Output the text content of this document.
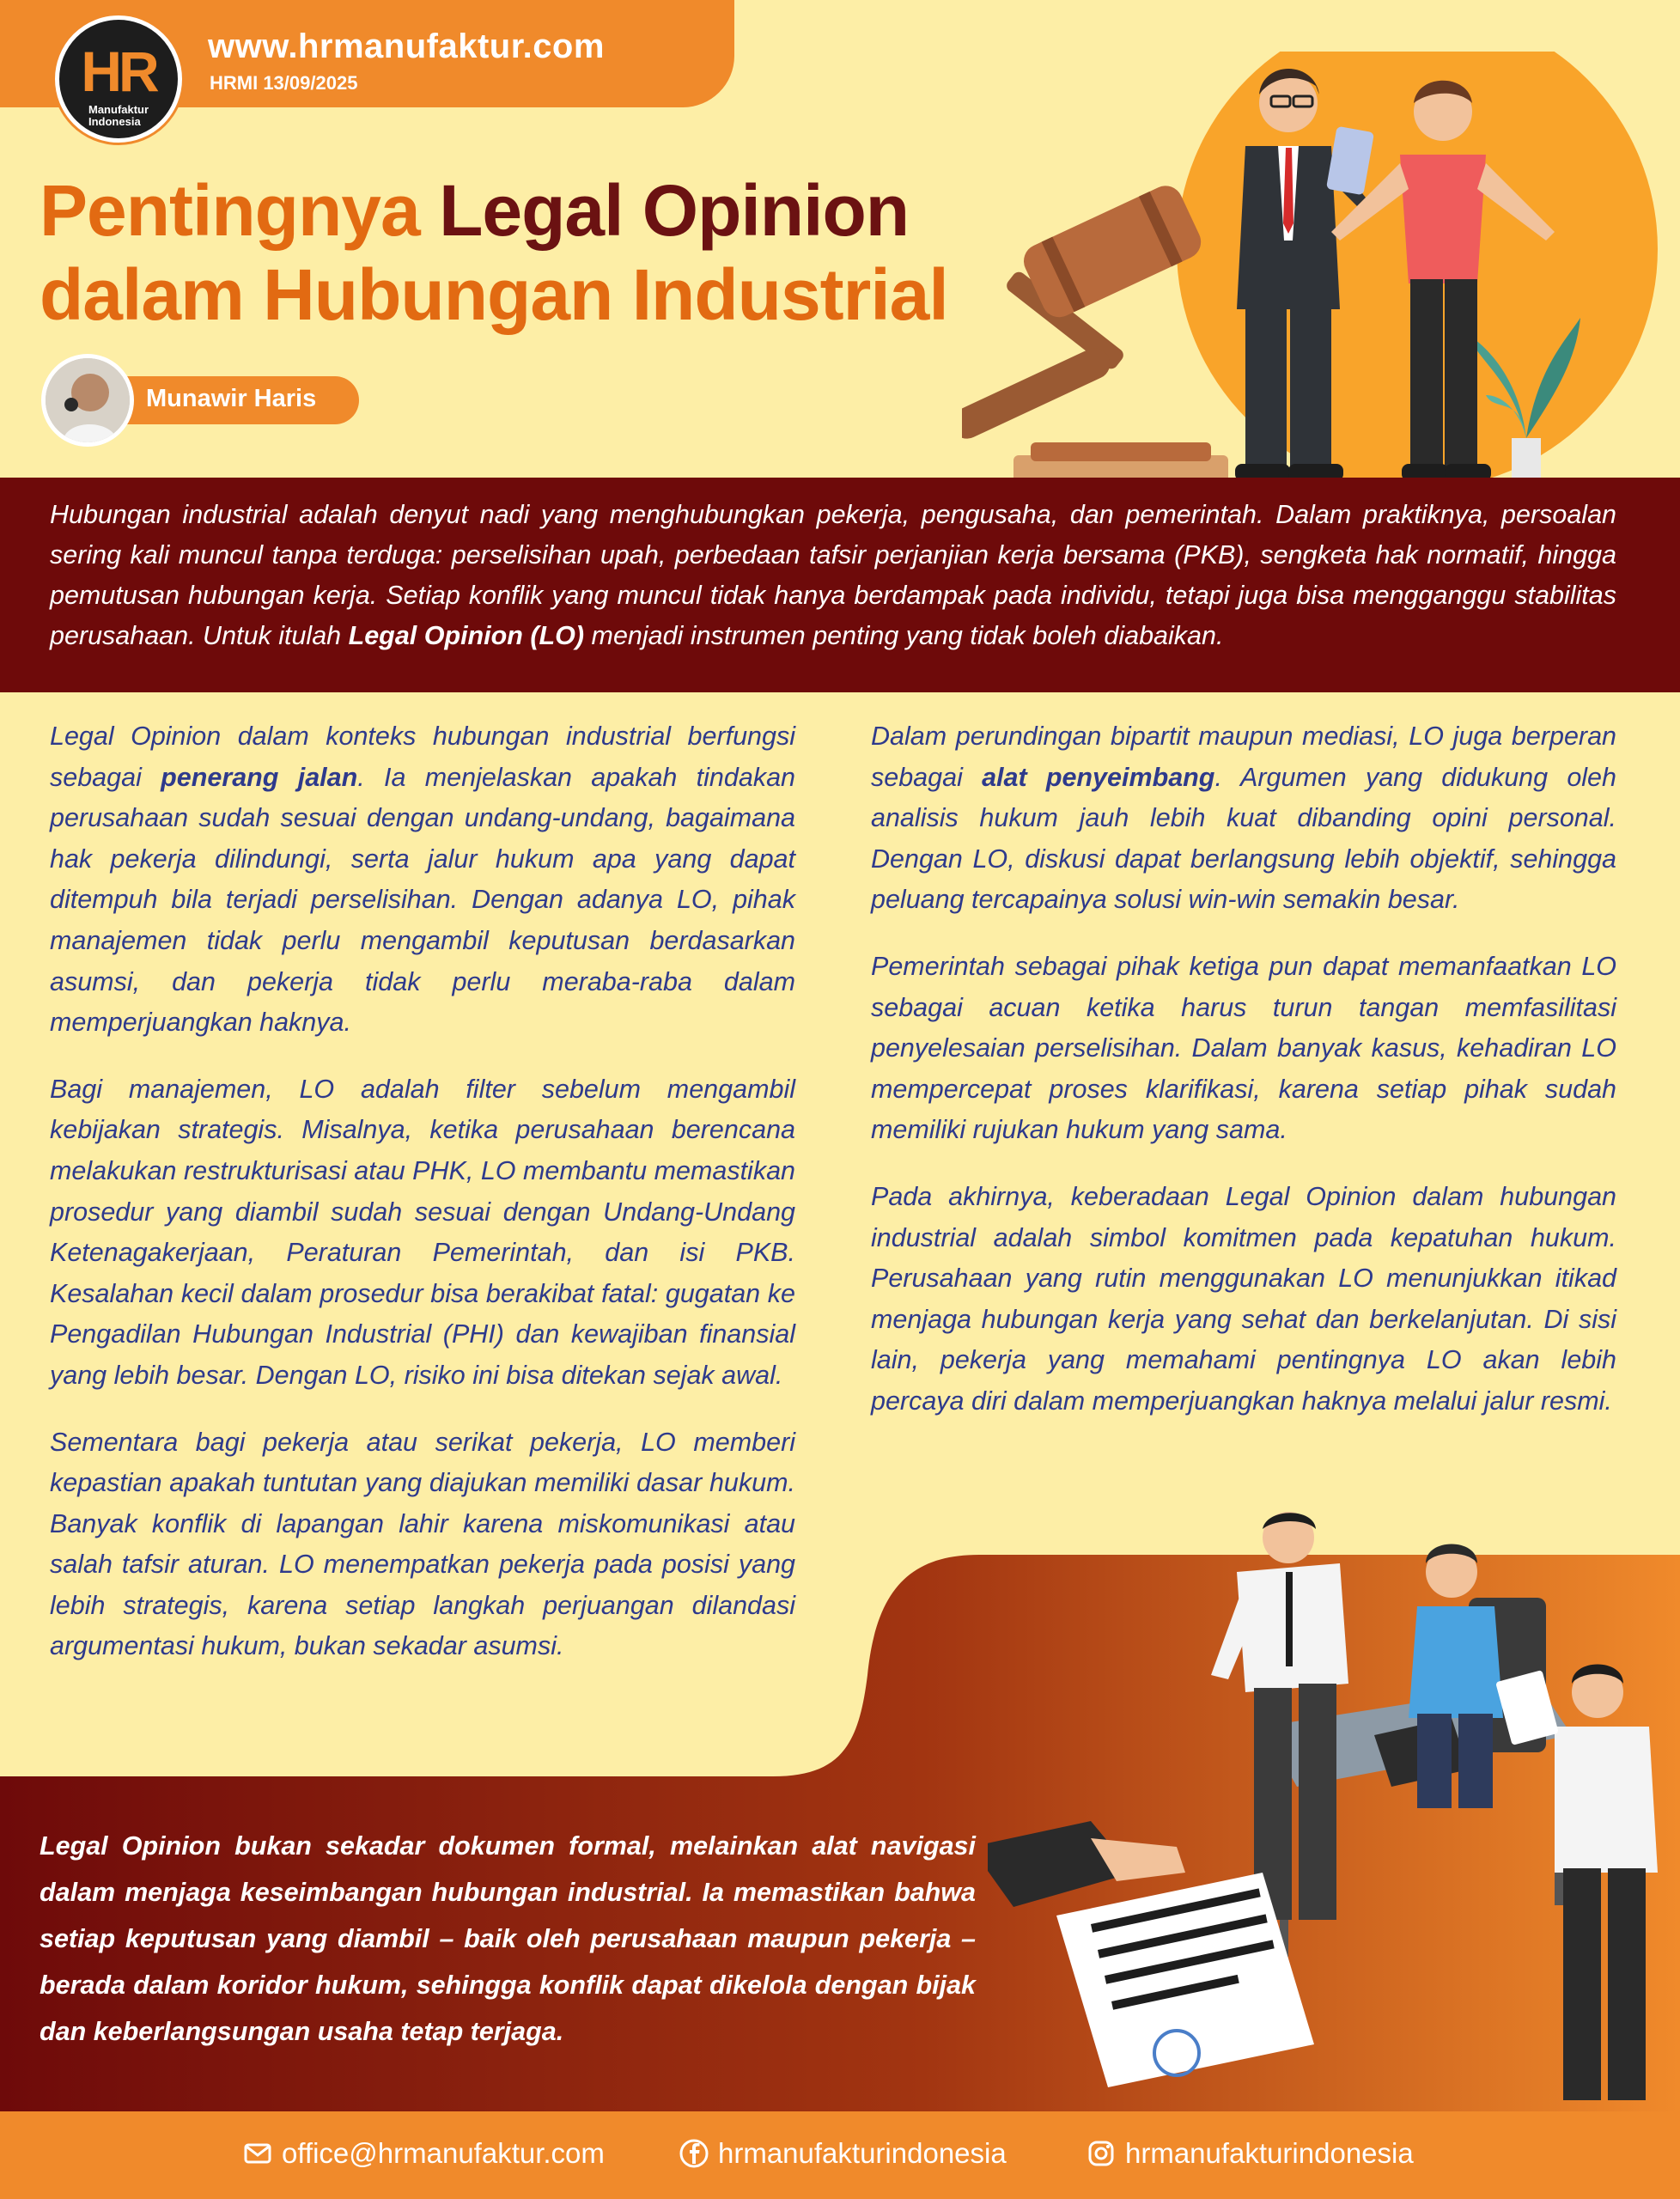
HR
Manufaktur
Indonesia
www.hrmanufaktur.com
HRMI 13/09/2025
Pentingnya Legal Opinion
dalam Hubungan Industrial
Munawir Haris
Hubungan industrial adalah denyut nadi yang menghubungkan pekerja, pengusaha, dan pemerintah. Dalam praktiknya, persoalan sering kali muncul tanpa terduga: perselisihan upah, perbedaan tafsir perjanjian kerja bersama (PKB), sengketa hak normatif, hingga pemutusan hubungan kerja. Setiap konflik yang muncul tidak hanya berdampak pada individu, tetapi juga bisa mengganggu stabilitas perusahaan. Untuk itulah Legal Opinion (LO) menjadi instrumen penting yang tidak boleh diabaikan.

Legal Opinion dalam konteks hubungan industrial berfungsi sebagai penerang jalan. Ia menjelaskan apakah tindakan perusahaan sudah sesuai dengan undang-undang, bagaimana hak pekerja dilindungi, serta jalur hukum apa yang dapat ditempuh bila terjadi perselisihan. Dengan adanya LO, pihak manajemen tidak perlu mengambil keputusan berdasarkan asumsi, dan pekerja tidak perlu meraba-raba dalam memperjuangkan haknya.

Bagi manajemen, LO adalah filter sebelum mengambil kebijakan strategis. Misalnya, ketika perusahaan berencana melakukan restrukturisasi atau PHK, LO membantu memastikan prosedur yang diambil sudah sesuai dengan Undang-Undang Ketenagakerjaan, Peraturan Pemerintah, dan isi PKB. Kesalahan kecil dalam prosedur bisa berakibat fatal: gugatan ke Pengadilan Hubungan Industrial (PHI) dan kewajiban finansial yang lebih besar. Dengan LO, risiko ini bisa ditekan sejak awal.

Sementara bagi pekerja atau serikat pekerja, LO memberi kepastian apakah tuntutan yang diajukan memiliki dasar hukum. Banyak konflik di lapangan lahir karena miskomunikasi atau salah tafsir aturan. LO menempatkan pekerja pada posisi yang lebih strategis, karena setiap langkah perjuangan dilandasi argumentasi hukum, bukan sekadar asumsi.

Dalam perundingan bipartit maupun mediasi, LO juga berperan sebagai alat penyeimbang. Argumen yang didukung oleh analisis hukum jauh lebih kuat dibanding opini personal. Dengan LO, diskusi dapat berlangsung lebih objektif, sehingga peluang tercapainya solusi win-win semakin besar.

Pemerintah sebagai pihak ketiga pun dapat memanfaatkan LO sebagai acuan ketika harus turun tangan memfasilitasi penyelesaian perselisihan. Dalam banyak kasus, kehadiran LO mempercepat proses klarifikasi, karena setiap pihak sudah memiliki rujukan hukum yang sama.

Pada akhirnya, keberadaan Legal Opinion dalam hubungan industrial adalah simbol komitmen pada kepatuhan hukum. Perusahaan yang rutin menggunakan LO menunjukkan itikad menjaga hubungan kerja yang sehat dan berkelanjutan. Di sisi lain, pekerja yang memahami pentingnya LO akan lebih percaya diri dalam memperjuangkan haknya melalui jalur resmi.

Legal Opinion bukan sekadar dokumen formal, melainkan alat navigasi dalam menjaga keseimbangan hubungan industrial. Ia memastikan bahwa setiap keputusan yang diambil – baik oleh perusahaan maupun pekerja – berada dalam koridor hukum, sehingga konflik dapat dikelola dengan bijak dan keberlangsungan usaha tetap terjaga.
office@hrmanufaktur.com	hrmanufakturindonesia	hrmanufakturindonesia
